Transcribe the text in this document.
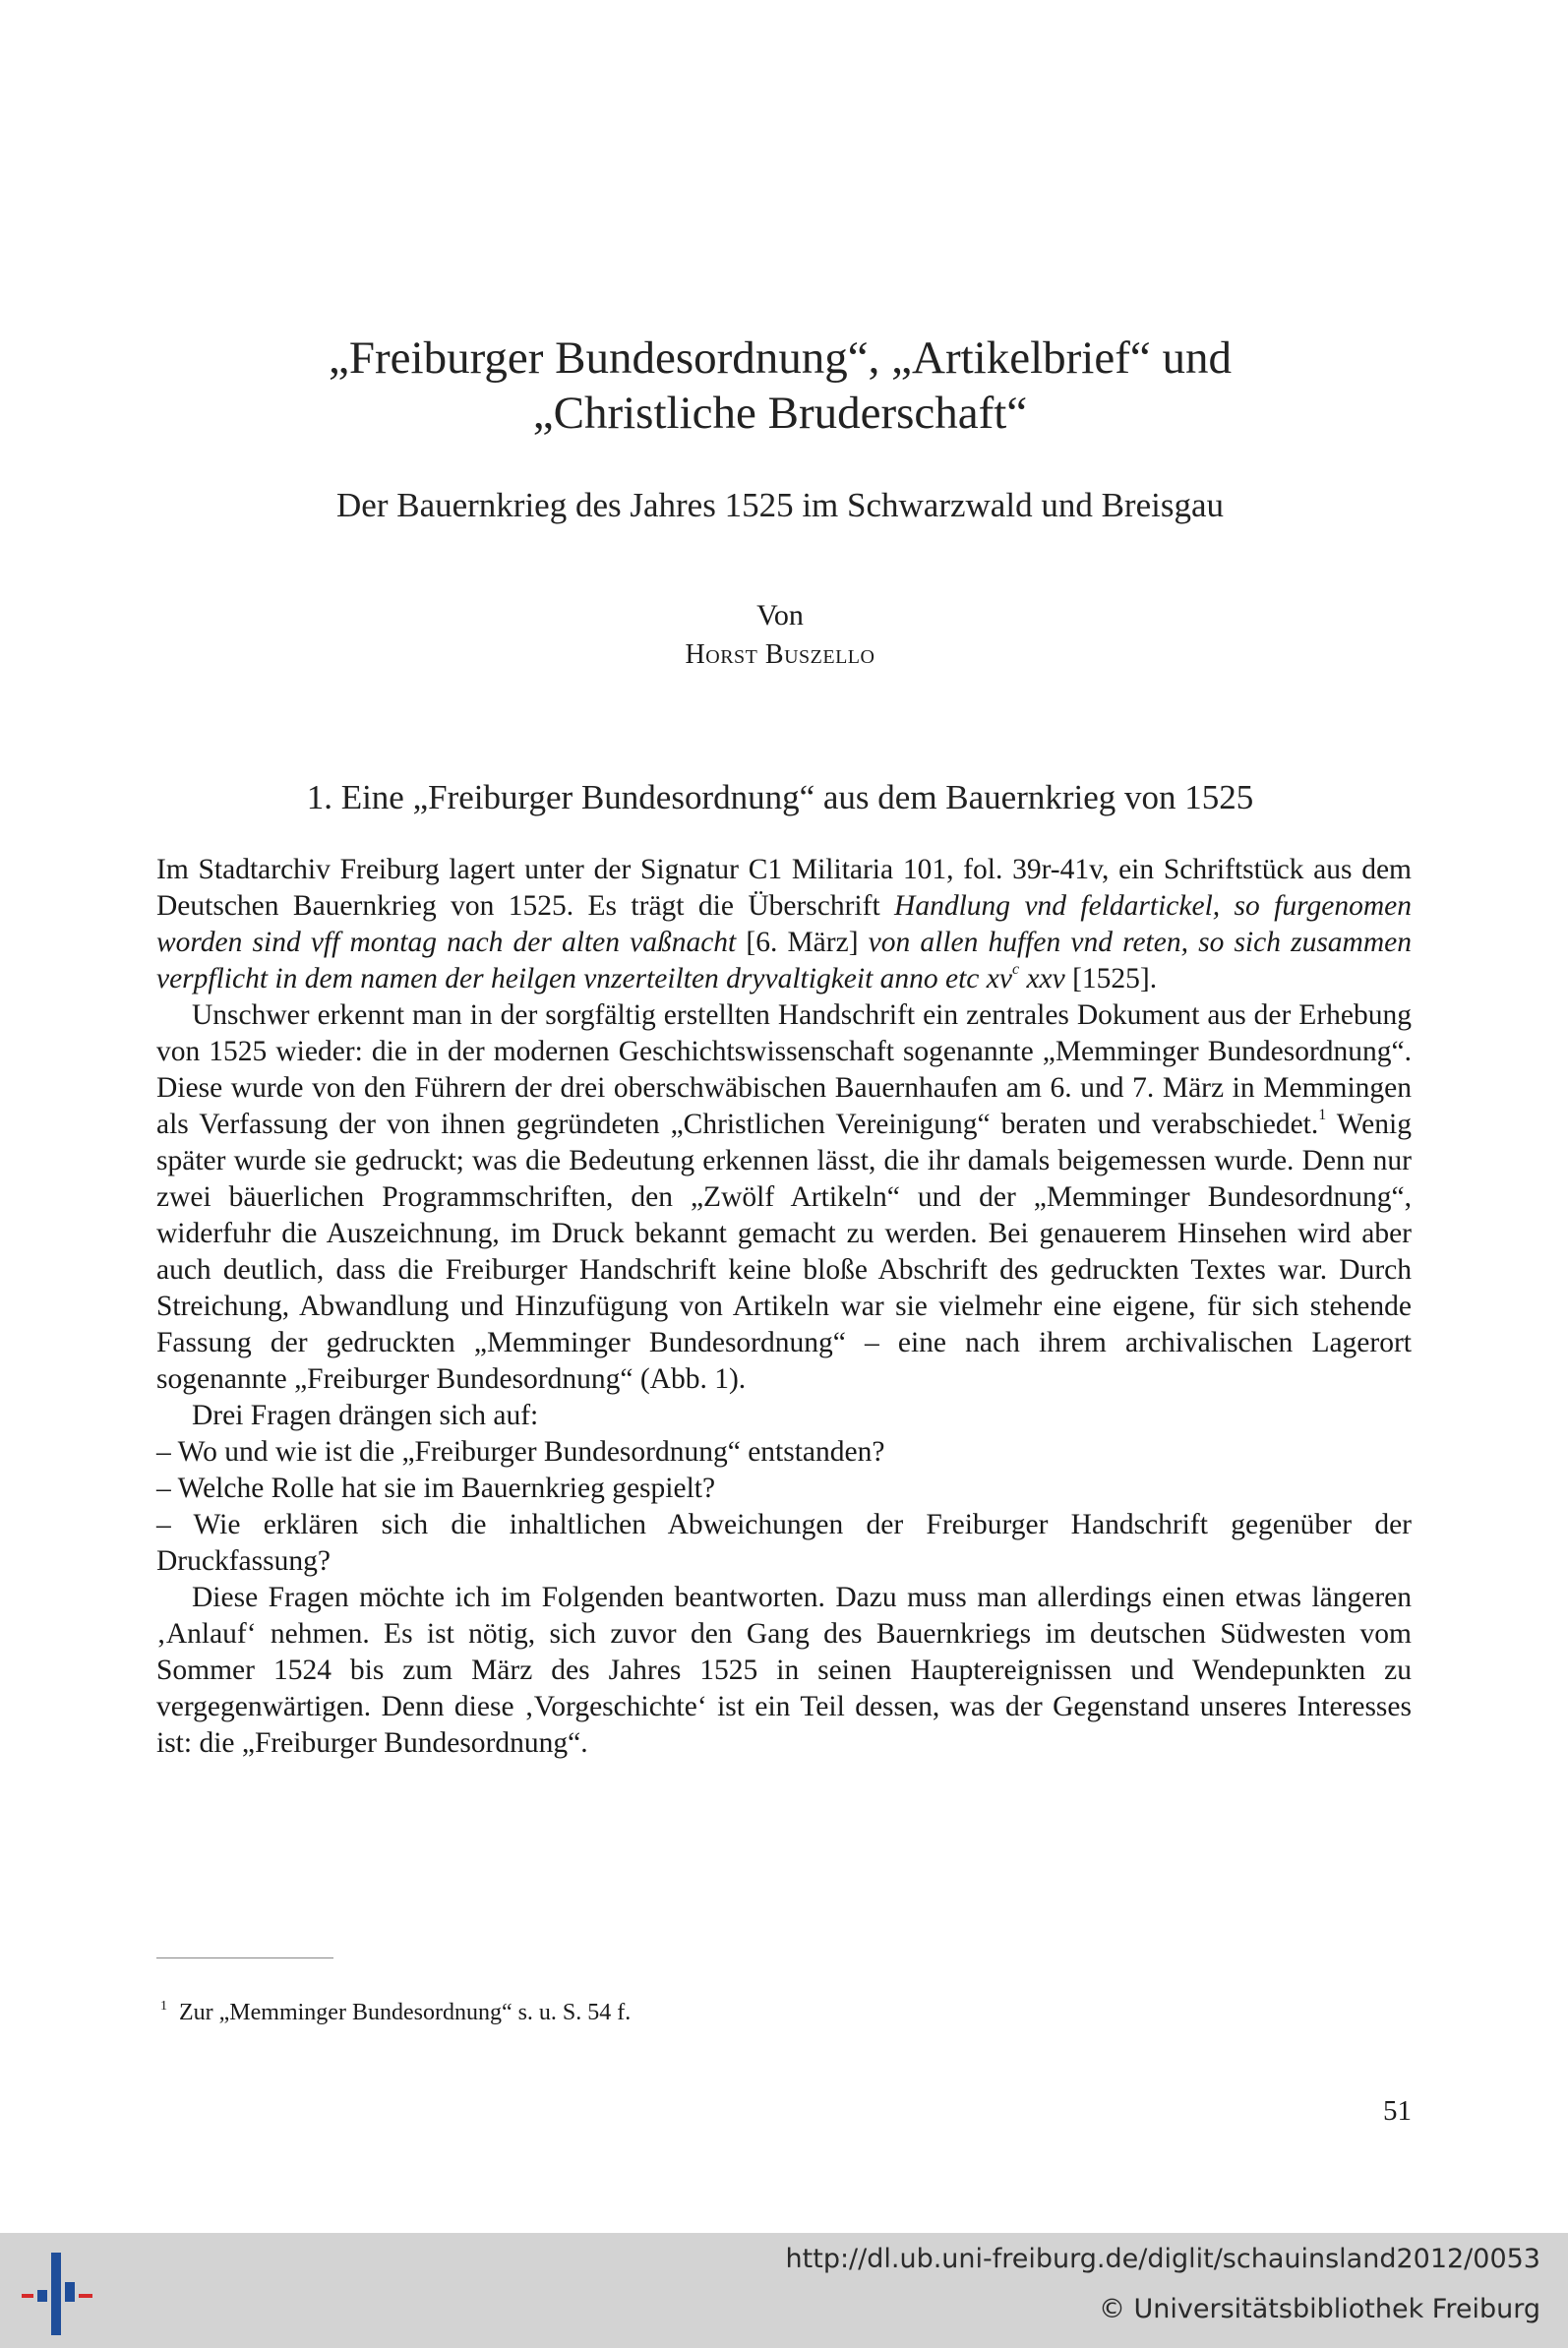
„Freiburger Bundesordnung“, „Artikelbrief“ und
„Christliche Bruderschaft“
Der Bauernkrieg des Jahres 1525 im Schwarzwald und Breisgau
Von
Horst Buszello
1. Eine „Freiburger Bundesordnung“ aus dem Bauernkrieg von 1525

Im Stadtarchiv Freiburg lagert unter der Signatur C1 Militaria 101, fol. 39r-41v, ein Schriftstück aus dem Deutschen Bauernkrieg von 1525. Es trägt die Überschrift Handlung vnd feldarticke​l, so furgenomen worden sind vff montag nach der alten vaßnacht [6. März] von allen huffen vnd reten, so sich zusammen verpflicht in dem namen der heilgen vnzerteilten dryvaltigkeit anno etc $xv^c$ xxv [1525].

Unschwer erkennt man in der sorgfältig erstellten Handschrift ein zentrales Dokument aus der Erhebung von 1525 wieder: die in der modernen Geschichtswissenschaft sogenannte „Memminger Bundesordnung“. Diese wurde von den Führern der drei oberschwäbischen Bauernhaufen am 6. und 7. März in Memmingen als Verfassung der von ihnen gegründeten „Christlichen Vereinigung“ beraten und verabschiedet.$^1$ Wenig später wurde sie gedruckt; was die Bedeutung erkennen lässt, die ihr damals beigemessen wurde. Denn nur zwei bäuerlichen Programmschriften, den „Zwölf Artikeln“ und der „Memminger Bundesordnung“, widerfuhr die Auszeichnung, im Druck bekannt gemacht zu werden. Bei genauerem Hinsehen wird aber auch deutlich, dass die Freiburger Handschrift keine bloße Abschrift des gedruckten Textes war. Durch Streichung, Abwandlung und Hinzufügung von Artikeln war sie vielmehr eine eigene, für sich stehende Fassung der gedruckten „Memminger Bundesordnung“ – eine nach ihrem archivalischen Lagerort sogenannte „Freiburger Bundesordnung“ (Abb. 1).

Drei Fragen drängen sich auf:

– Wo und wie ist die „Freiburger Bundesordnung“ entstanden?

– Welche Rolle hat sie im Bauernkrieg gespielt?

– Wie erklären sich die inhaltlichen Abweichungen der Freiburger Handschrift gegenüber der Druckfassung?

Diese Fragen möchte ich im Folgenden beantworten. Dazu muss man allerdings einen etwas längeren ‚Anlauf‘ nehmen. Es ist nötig, sich zuvor den Gang des Bauernkriegs im deutschen Südwesten vom Sommer 1524 bis zum März des Jahres 1525 in seinen Hauptereignissen und Wendepunkten zu vergegenwärtigen. Denn diese ‚Vorgeschichte‘ ist ein Teil dessen, was der Gegenstand unseres Interesses ist: die „Freiburger Bundesordnung“.

$^1$ Zur „Memminger Bundesordnung“ s. u. S. 54 f.
51
http://dl.ub.uni-freiburg.de/diglit/schauinsland2012/0053
© Universitätsbibliothek Freiburg
